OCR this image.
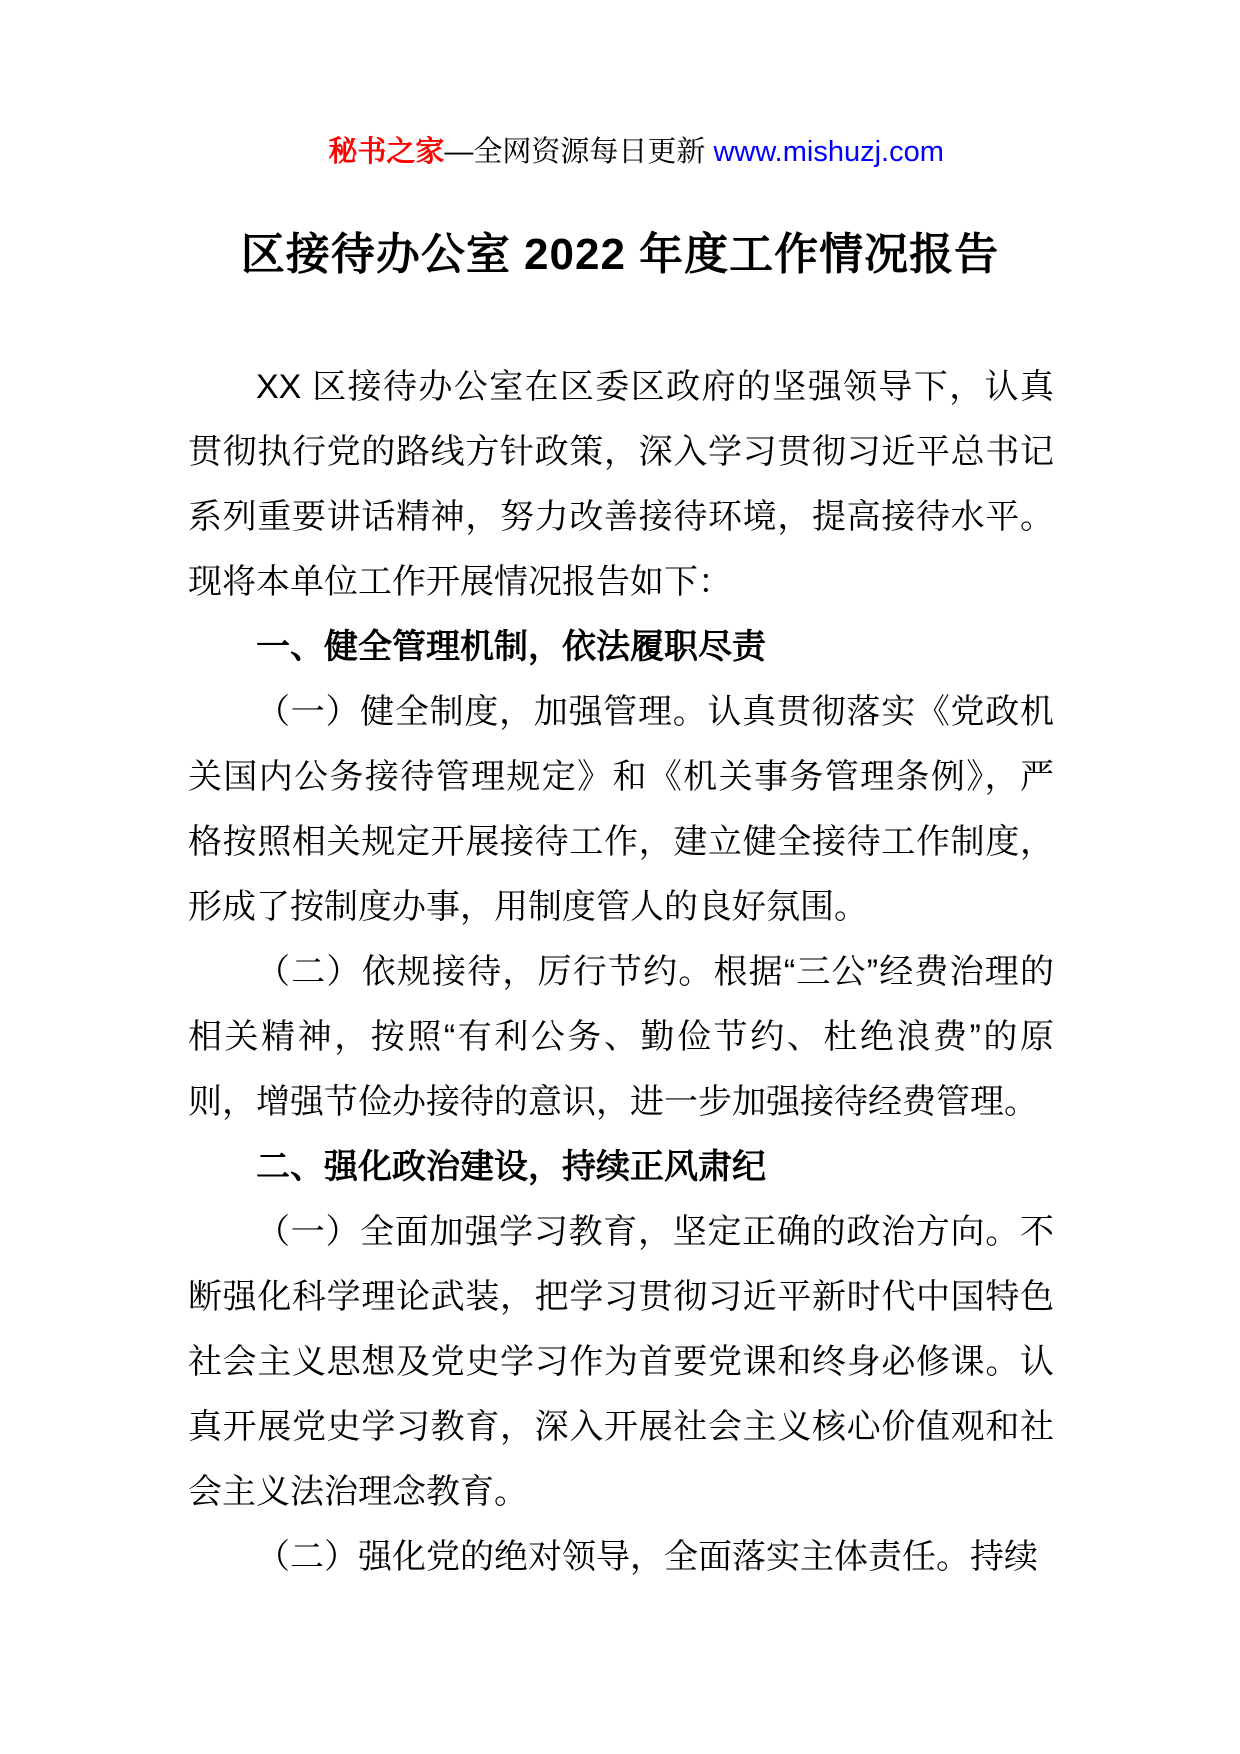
秘书之家—全网资源每日更新 www.mishuzj.com

区接待办公室 2022 年度工作情况报告

XX 区接待办公室在区委区政府的坚强领导下，认真贯彻执行党的路线方针政策，深入学习贯彻习近平总书记系列重要讲话精神，努力改善接待环境，提高接待水平。现将本单位工作开展情况报告如下：

一、健全管理机制，依法履职尽责

（一）健全制度，加强管理。认真贯彻落实《党政机关国内公务接待管理规定》和《机关事务管理条例》，严格按照相关规定开展接待工作，建立健全接待工作制度，形成了按制度办事，用制度管人的良好氛围。

（二）依规接待，厉行节约。根据“三公”经费治理的相关精神，按照“有利公务、勤俭节约、杜绝浪费”的原则，增强节俭办接待的意识，进一步加强接待经费管理。

二、强化政治建设，持续正风肃纪

（一）全面加强学习教育，坚定正确的政治方向。不断强化科学理论武装，把学习贯彻习近平新时代中国特色社会主义思想及党史学习作为首要党课和终身必修课。认真开展党史学习教育，深入开展社会主义核心价值观和社会主义法治理念教育。

（二）强化党的绝对领导，全面落实主体责任。持续
